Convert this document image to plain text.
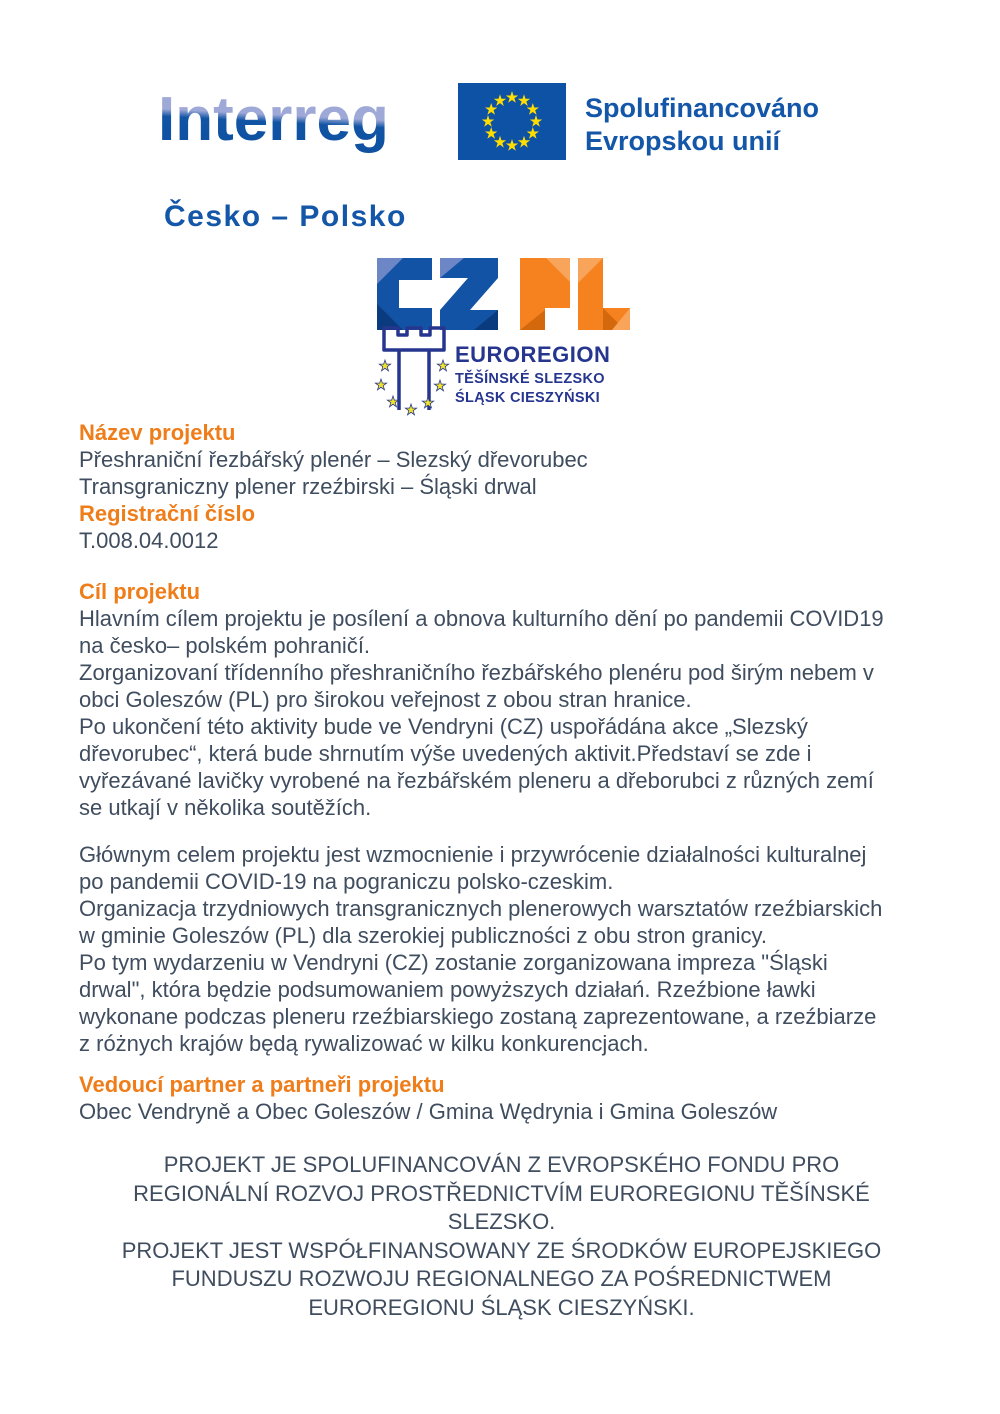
Interreg	Spolufinancováno
Evropskou unií
Česko – Polsko
EUROREGION
TĚŠÍNSKÉ SLEZSKO
ŚLĄSK CIESZYŃSKI
Název projektu
Přeshraniční řezbářský plenér – Slezský dřevorubec
Transgraniczny plener rzeźbirski – Śląski drwal
Registrační číslo
T.008.04.0012
Cíl projektu
Hlavním cílem projektu je posílení a obnova kulturního dění po pandemii COVID19
na česko– polském pohraničí.
Zorganizovaní třídenního přeshraničního řezbářského plenéru pod širým nebem v
obci Goleszów (PL) pro širokou veřejnost z obou stran hranice.
Po ukončení této aktivity bude ve Vendryni (CZ) uspořádána akce „Slezský
dřevorubec“, která bude shrnutím výše uvedených aktivit.Představí se zde i
vyřezávané lavičky vyrobené na řezbářském pleneru a dřeborubci z různých zemí
se utkají v několika soutěžích.
Głównym celem projektu jest wzmocnienie i przywrócenie działalności kulturalnej
po pandemii COVID-19 na pograniczu polsko-czeskim.
Organizacja trzydniowych transgranicznych plenerowych warsztatów rzeźbiarskich
w gminie Goleszów (PL) dla szerokiej publiczności z obu stron granicy.
Po tym wydarzeniu w Vendryni (CZ) zostanie zorganizowana impreza "Śląski
drwal", która będzie podsumowaniem powyższych działań. Rzeźbione ławki
wykonane podczas pleneru rzeźbiarskiego zostaną zaprezentowane, a rzeźbiarze
z różnych krajów będą rywalizować w kilku konkurencjach.
Vedoucí partner a partneři projektu
Obec Vendryně a Obec Goleszów / Gmina Wędrynia i Gmina Goleszów
PROJEKT JE SPOLUFINANCOVÁN Z EVROPSKÉHO FONDU PRO
REGIONÁLNÍ ROZVOJ PROSTŘEDNICTVÍM EUROREGIONU TĚŠÍNSKÉ
SLEZSKO.
PROJEKT JEST WSPÓŁFINANSOWANY ZE ŚRODKÓW EUROPEJSKIEGO
FUNDUSZU ROZWOJU REGIONALNEGO ZA POŚREDNICTWEM
EUROREGIONU ŚLĄSK CIESZYŃSKI.
